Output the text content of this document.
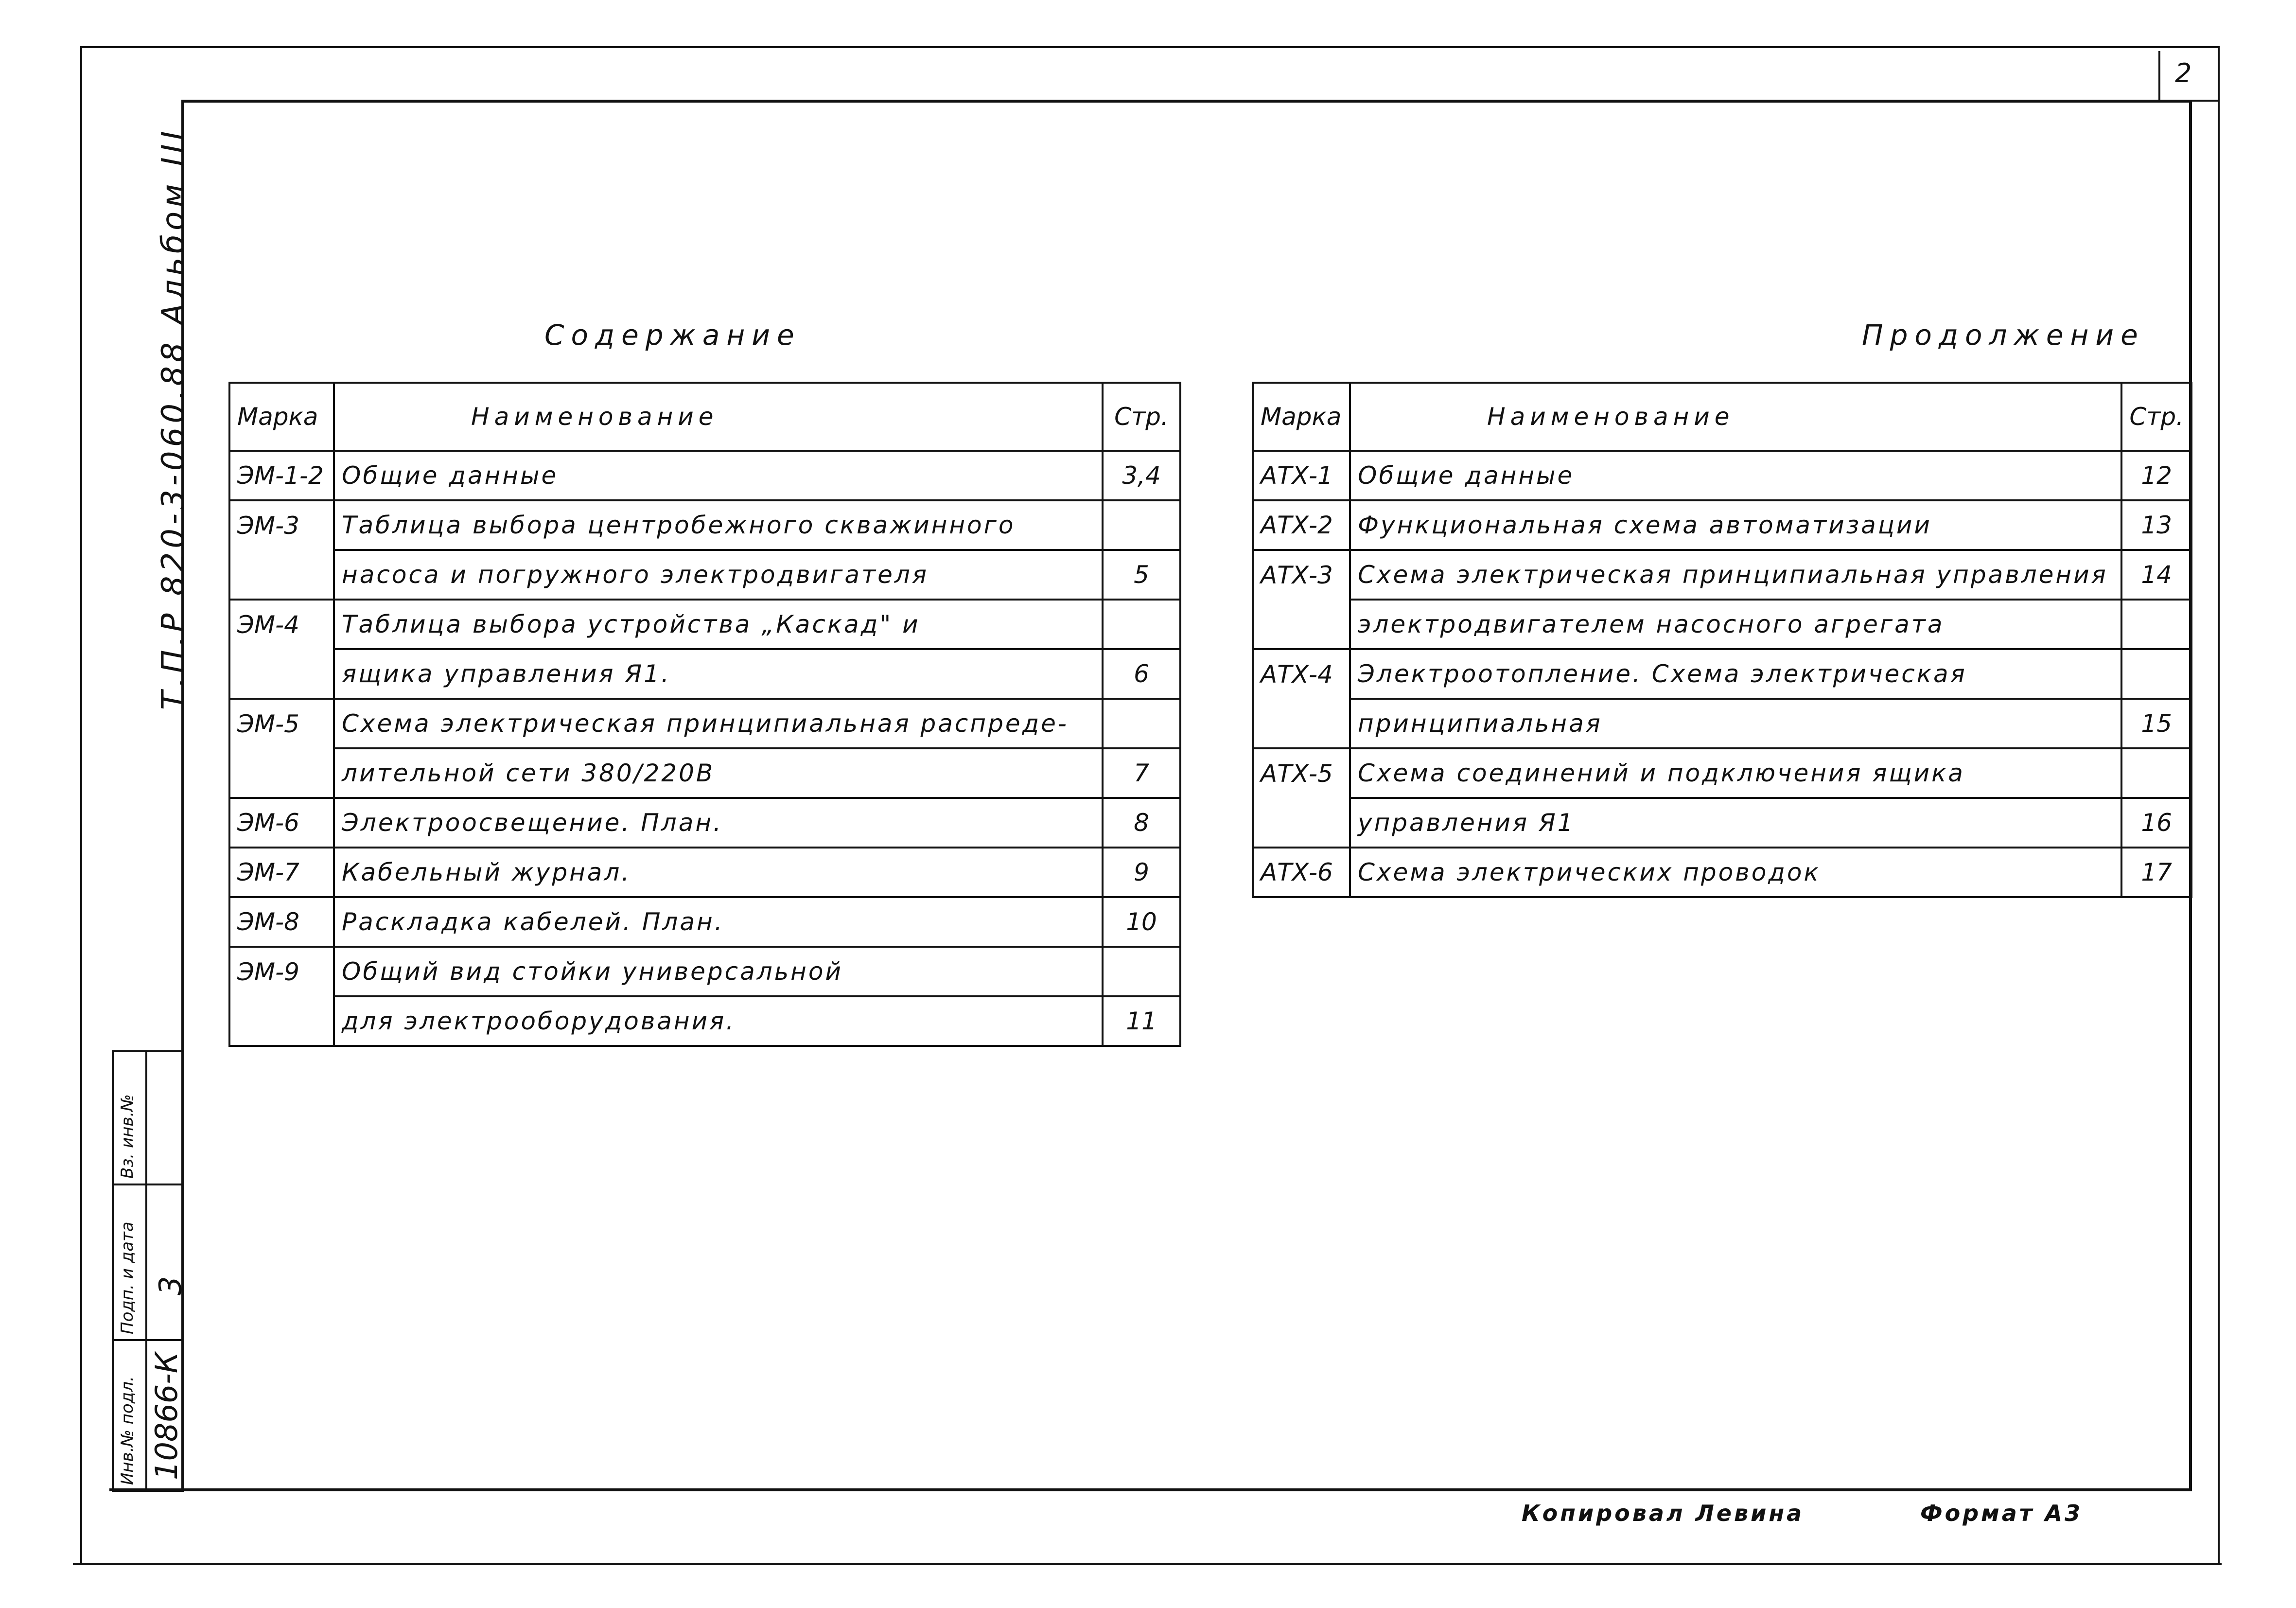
2
Т.П.Р 820-3-060.88 Альбом III	Содержание
Марка	Наименование	Стр.
ЭМ-1-2	Общие данные	3,4
ЭМ-3	Таблица выбора центробежного скважинного	
	насоса и погружного электродвигателя	5
ЭМ-4	Таблица выбора устройства „Каскад" и	
	ящика управления Я1.	6
ЭМ-5	Схема электрическая принципиальная распреде-	
	лительной сети 380/220В	7
ЭМ-6	Электроосвещение. План.	8
ЭМ-7	Кабельный журнал.	9
ЭМ-8	Раскладка кабелей. План.	10
ЭМ-9	Общий вид стойки универсальной	
	для электрооборудования.	11
Продолжение
Марка	Наименование	Стр.
АТХ-1	Общие данные	12
АТХ-2	Функциональная схема автоматизации	13
АТХ-3	Схема электрическая принципиальная управления	14
	электродвигателем насосного агрегата	
АТХ-4	Электроотопление. Схема электрическая	
	принципиальная	15
АТХ-5	Схема соединений и подключения ящика	
	управления Я1	16
АТХ-6	Схема электрических проводок	17
Инв.№ подл. 10866-К
Подп. и дата 3
Вз. инв.№
Копировал Левина	Формат А3
